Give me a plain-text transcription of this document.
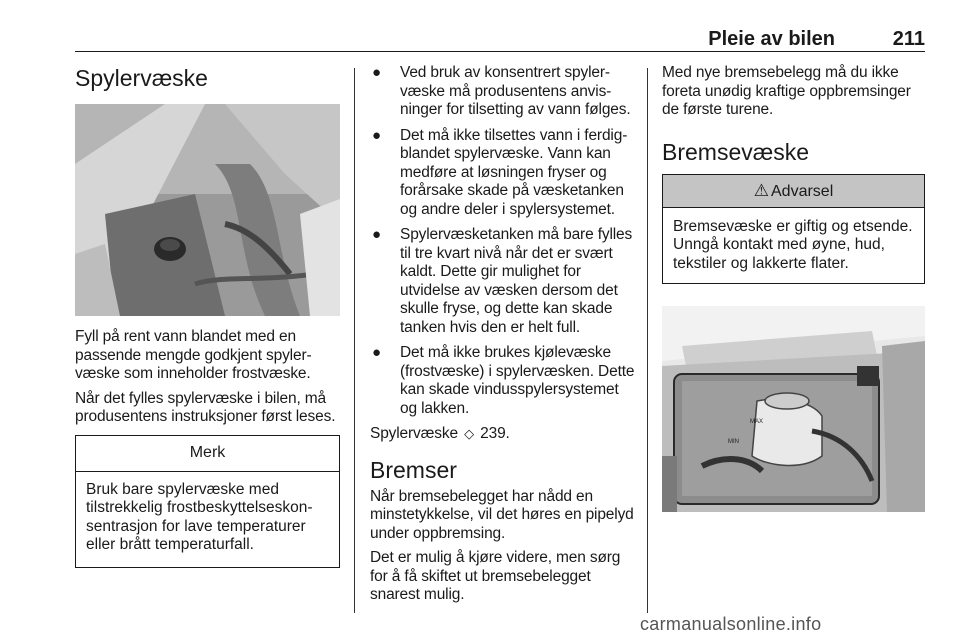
Pleie av bilen	211
Spylervæske

Fyll på rent vann blandet med en passende mengde godkjent spylervæske som inneholder frostvæske.

Når det fylles spylervæske i bilen, må produsentens instruksjoner først leses.

Merk
Bruk bare spylervæske med tilstrekkelig frostbeskyttelseskonsentrasjon for lave temperaturer eller brått temperaturfall.
● Ved bruk av konsentrert spylervæske må produsentens anvisninger for tilsetting av vann følges.
● Det må ikke tilsettes vann i ferdigblandet spylervæske. Vann kan medføre at løsningen fryser og forårsake skade på væsketanken og andre deler i spylersystemet.
● Spylervæsketanken må bare fylles til tre kvart nivå når det er svært kaldt. Dette gir mulighet for utvidelse av væsken dersom det skulle fryse, og dette kan skade tanken hvis den er helt full.
● Det må ikke brukes kjølevæske (frostvæske) i spylervæsken. Dette kan skade vindusspylersystemet og lakken.

Spylervæske ◇ 239.

Bremser

Når bremsebelegget har nådd en minstetykkelse, vil det høres en pipelyd under oppbremsing.

Det er mulig å kjøre videre, men sørg for å få skiftet ut bremsebelegget snarest mulig.

Med nye bremsebelegg må du ikke foreta unødig kraftige oppbremsinger de første turene.

Bremsevæske
⚠ Advarsel
Bremsevæske er giftig og etsende. Unngå kontakt med øyne, hud, tekstiler og lakkerte flater.
MAX
MIN
carmanualsonline.info
